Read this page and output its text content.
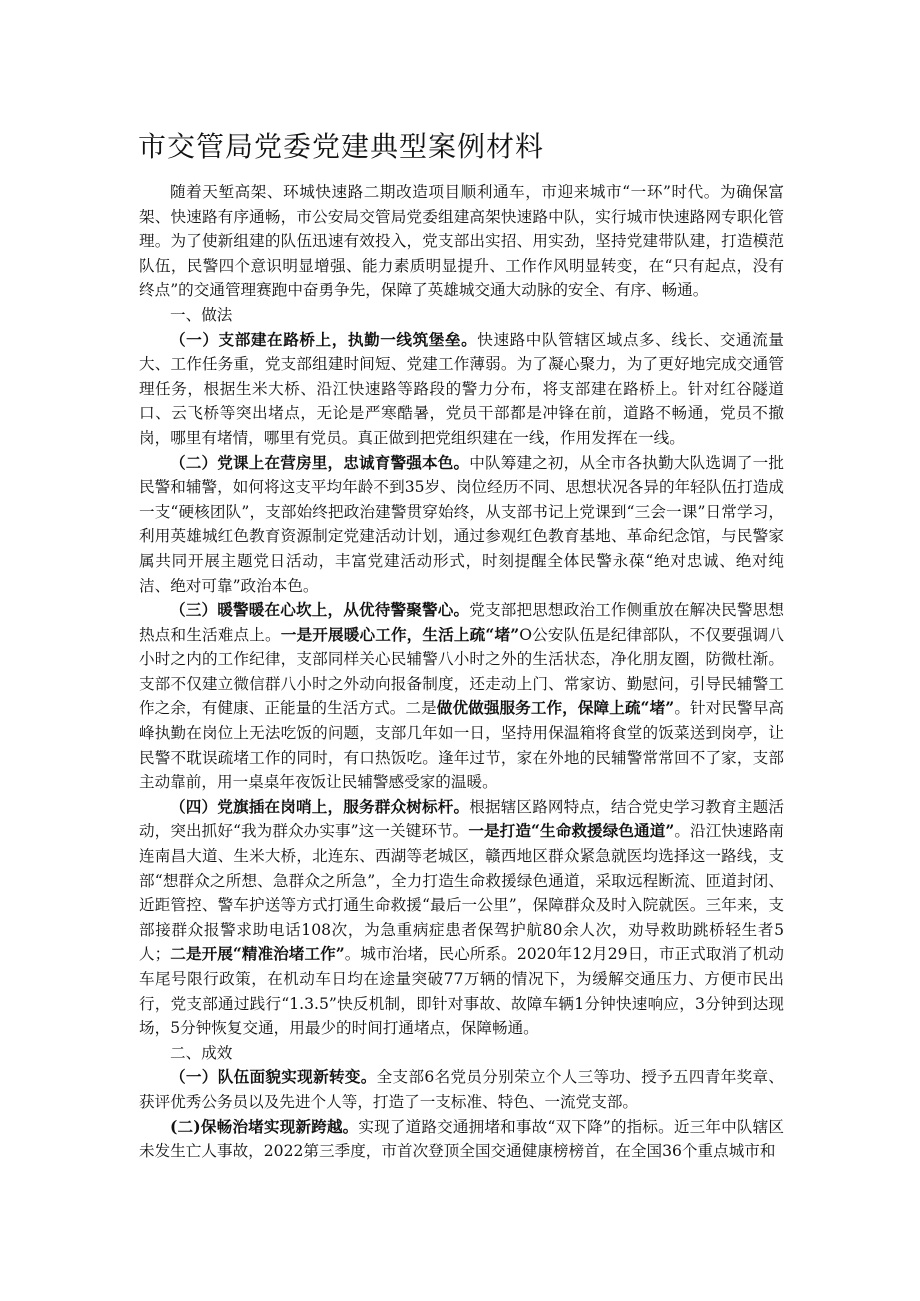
市交管局党委党建典型案例材料

随着天堑高架、环城快速路二期改造项目顺利通车，市迎来城市“一环”时代。为确保富架、快速路有序通畅，市公安局交管局党委组建高架快速路中队，实行城市快速路网专职化管理。为了使新组建的队伍迅速有效投入，党支部出实招、用实劲，坚持党建带队建，打造模范队伍，民警四个意识明显增强、能力素质明显提升、工作作风明显转变，在“只有起点，没有终点”的交通管理赛跑中奋勇争先，保障了英雄城交通大动脉的安全、有序、畅通。

一、做法

（一）支部建在路桥上，执勤一线筑堡垒。快速路中队管辖区域点多、线长、交通流量大、工作任务重，党支部组建时间短、党建工作薄弱。为了凝心聚力，为了更好地完成交通管理任务，根据生米大桥、沿江快速路等路段的警力分布，将支部建在路桥上。针对红谷隧道口、云飞桥等突出堵点，无论是严寒酷暑，党员干部都是冲锋在前，道路不畅通，党员不撤岗，哪里有堵情，哪里有党员。真正做到把党组织建在一线，作用发挥在一线。

（二）党课上在营房里，忠诚育警强本色。中队筹建之初，从全市各执勤大队选调了一批民警和辅警，如何将这支平均年龄不到35岁、岗位经历不同、思想状况各异的年轻队伍打造成一支“硬核团队”，支部始终把政治建警贯穿始终，从支部书记上党课到“三会一课”日常学习，利用英雄城红色教育资源制定党建活动计划，通过参观红色教育基地、革命纪念馆，与民警家属共同开展主题党日活动，丰富党建活动形式，时刻提醒全体民警永葆“绝对忠诚、绝对纯洁、绝对可靠”政治本色。

（三）暖警暖在心坎上，从优待警聚警心。党支部把思想政治工作侧重放在解决民警思想热点和生活难点上。一是开展暖心工作，生活上疏“堵”O公安队伍是纪律部队，不仅要强调八小时之内的工作纪律，支部同样关心民辅警八小时之外的生活状态，净化朋友圈，防微杜渐。支部不仅建立微信群八小时之外动向报备制度，还走动上门、常家访、勤慰问，引导民辅警工作之余，有健康、正能量的生活方式。二是做优做强服务工作，保障上疏“堵”。针对民警早高峰执勤在岗位上无法吃饭的问题，支部几年如一日，坚持用保温箱将食堂的饭菜送到岗亭，让民警不耽误疏堵工作的同时，有口热饭吃。逢年过节，家在外地的民辅警常常回不了家，支部主动靠前，用一桌桌年夜饭让民辅警感受家的温暖。

（四）党旗插在岗哨上，服务群众树标杆。根据辖区路网特点，结合党史学习教育主题活动，突出抓好“我为群众办实事”这一关键环节。一是打造“生命救援绿色通道”。沿江快速路南连南昌大道、生米大桥，北连东、西湖等老城区，赣西地区群众紧急就医均选择这一路线，支部“想群众之所想、急群众之所急”，全力打造生命救援绿色通道，采取远程断流、匝道封闭、近距管控、警车护送等方式打通生命救援“最后一公里”，保障群众及时入院就医。三年来，支部接群众报警求助电话108次，为急重病症患者保驾护航80余人次，劝导救助跳桥轻生者5人；二是开展“精准治堵工作”。城市治堵，民心所系。2020年12月29日，市正式取消了机动车尾号限行政策，在机动车日均在途量突破77万辆的情况下，为缓解交通压力、方便市民出行，党支部通过践行“1.3.5”快反机制，即针对事故、故障车辆1分钟快速响应，3分钟到达现场，5分钟恢复交通，用最少的时间打通堵点，保障畅通。

二、成效

（一）队伍面貌实现新转变。全支部6名党员分别荣立个人三等功、授予五四青年奖章、获评优秀公务员以及先进个人等，打造了一支标准、特色、一流党支部。

(二)保畅治堵实现新跨越。实现了道路交通拥堵和事故“双下降”的指标。近三年中队辖区未发生亡人事故，2022第三季度，市首次登顶全国交通健康榜榜首，在全国36个重点城市和
